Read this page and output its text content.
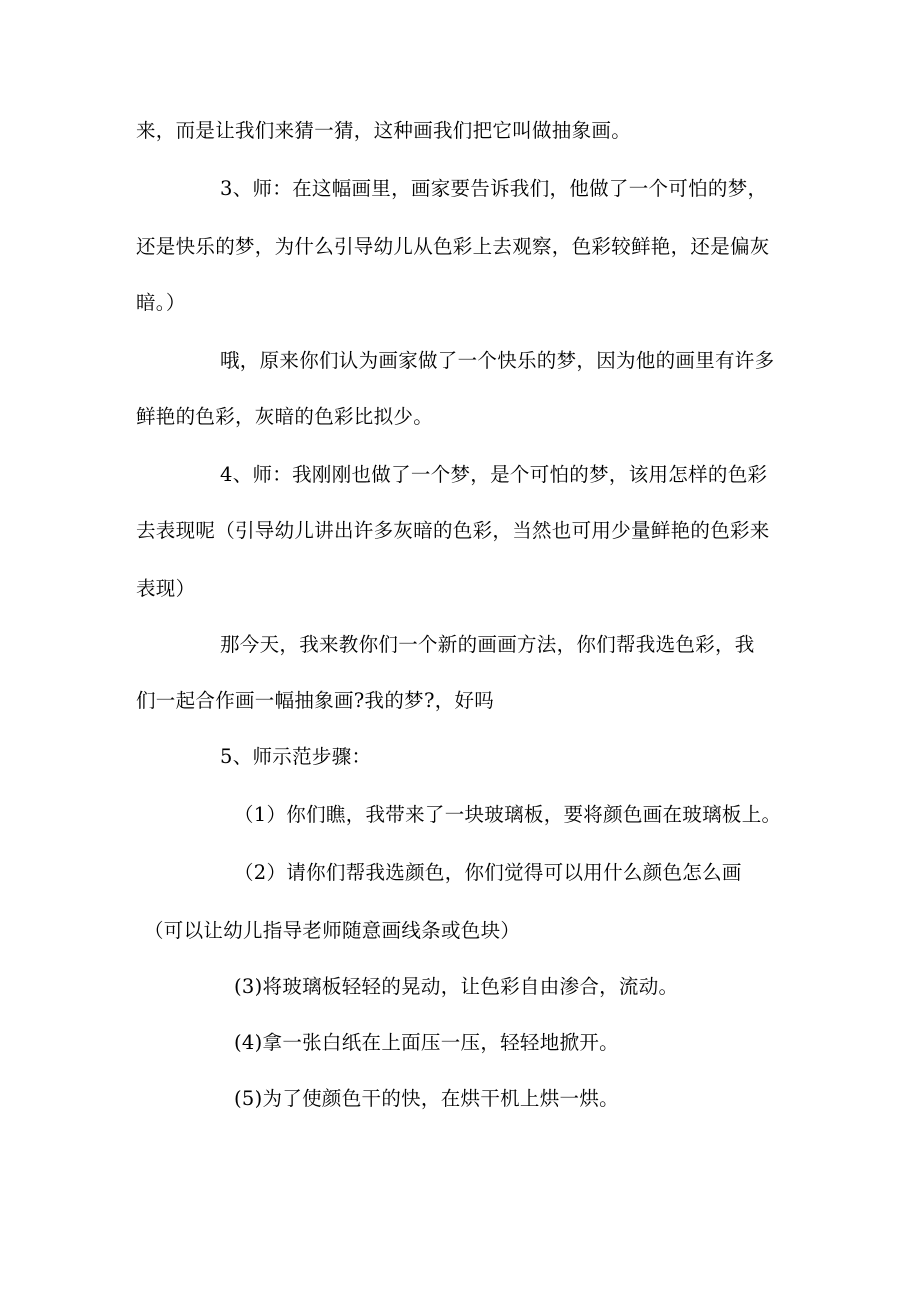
来，而是让我们来猜一猜，这种画我们把它叫做抽象画。
3、师：在这幅画里，画家要告诉我们，他做了一个可怕的梦，
还是快乐的梦，为什么引导幼儿从色彩上去观察，色彩较鲜艳，还是偏灰
暗。）
哦，原来你们认为画家做了一个快乐的梦，因为他的画里有许多
鲜艳的色彩，灰暗的色彩比拟少。
4、师：我刚刚也做了一个梦，是个可怕的梦，该用怎样的色彩
去表现呢（引导幼儿讲出许多灰暗的色彩，当然也可用少量鲜艳的色彩来
表现）
那今天，我来教你们一个新的画画方法，你们帮我选色彩，我
们一起合作画一幅抽象画?我的梦?，好吗
5、师示范步骤：
（1）你们瞧，我带来了一块玻璃板，要将颜色画在玻璃板上。
（2）请你们帮我选颜色，你们觉得可以用什么颜色怎么画
（可以让幼儿指导老师随意画线条或色块）
(3)将玻璃板轻轻的晃动，让色彩自由渗合，流动。
(4)拿一张白纸在上面压一压，轻轻地掀开。
(5)为了使颜色干的快，在烘干机上烘一烘。
